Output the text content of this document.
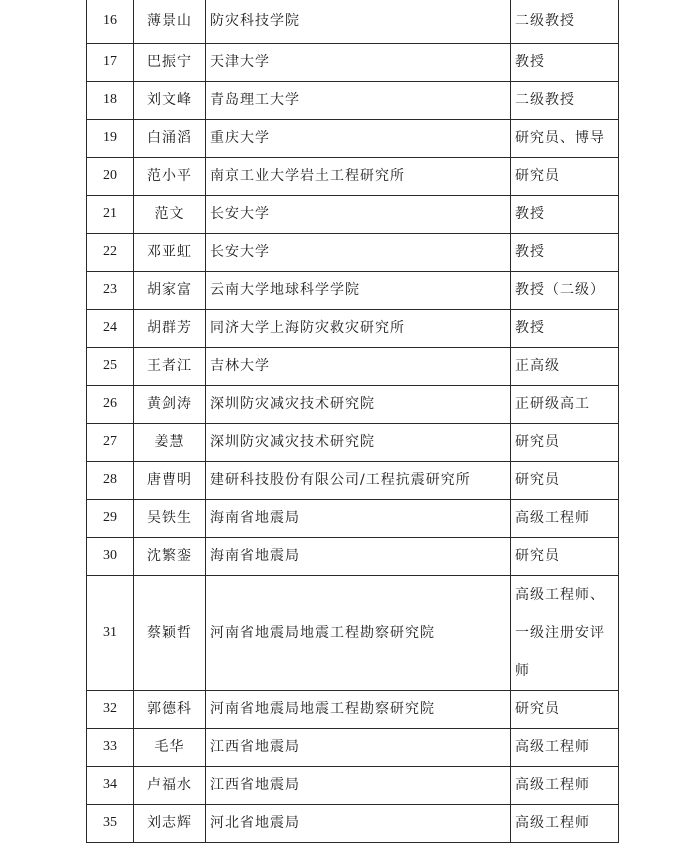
16	薄景山	防灾科技学院	二级教授
17	巴振宁	天津大学	教授
18	刘文峰	青岛理工大学	二级教授
19	白涌滔	重庆大学	研究员、博导
20	范小平	南京工业大学岩土工程研究所	研究员
21	范文	长安大学	教授
22	邓亚虹	长安大学	教授
23	胡家富	云南大学地球科学学院	教授（二级）
24	胡群芳	同济大学上海防灾救灾研究所	教授
25	王者江	吉林大学	正高级
26	黄剑涛	深圳防灾减灾技术研究院	正研级高工
27	姜慧	深圳防灾减灾技术研究院	研究员
28	唐曹明	建研科技股份有限公司/工程抗震研究所	研究员
29	吴铁生	海南省地震局	高级工程师
30	沈繁銮	海南省地震局	研究员
31	蔡颖哲	河南省地震局地震工程勘察研究院	高级工程师、一级注册安评师
32	郭德科	河南省地震局地震工程勘察研究院	研究员
33	毛华	江西省地震局	高级工程师
34	卢福水	江西省地震局	高级工程师
35	刘志辉	河北省地震局	高级工程师
